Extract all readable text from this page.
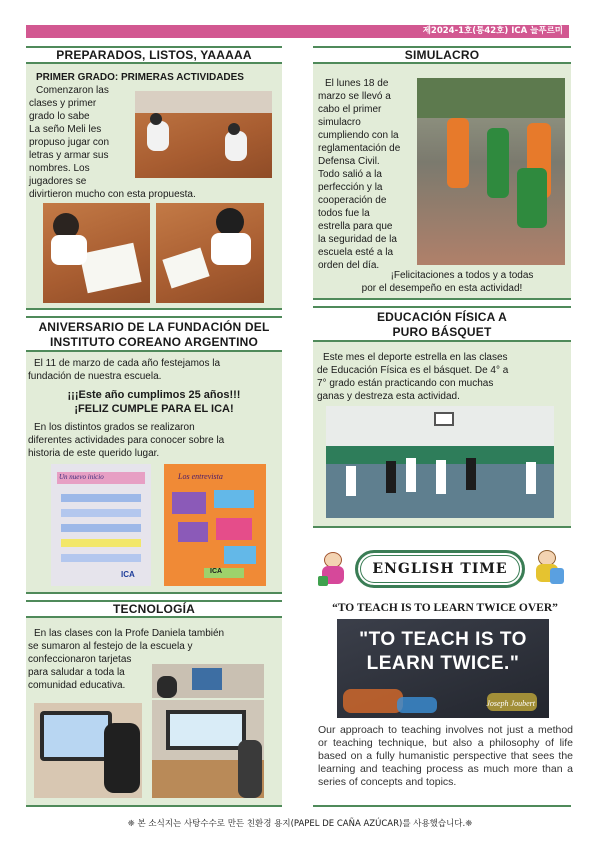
제2024-1호(통42호) ICA 늘푸르미
PREPARADOS, LISTOS, YAAAAA
PRIMER GRADO: PRIMERAS ACTIVIDADES
Comenzaron las
clases y primer
grado lo sabe
La seño Meli les
propuso jugar con
letras y armar sus
nombres. Los
jugadores se
divirtieron mucho con esta propuesta.
SIMULACRO
El lunes 18 de
marzo se llevó a
cabo el primer
simulacro
cumpliendo con la
reglamentación de
Defensa Civil.
Todo salió a la
perfección y la
cooperación de
todos fue la
estrella para que
la seguridad de la
escuela esté a la
orden del día.
¡Felicitaciones a todos y a todas
por el desempeño en esta actividad!
ANIVERSARIO DE LA FUNDACIÓN DEL
INSTITUTO COREANO ARGENTINO
El 11 de marzo de cada año festejamos la
fundación de nuestra escuela.
¡¡¡Este año cumplimos 25 años!!!
¡FELIZ CUMPLE PARA EL ICA!
En los distintos grados se realizaron
diferentes actividades para conocer sobre la
historia de este querido lugar.
Un nuevo inicio
ICA
Los entrevista
ICA
EDUCACIÓN FÍSICA A
PURO BÁSQUET
Este mes el deporte estrella en las clases
de Educación Física es el básquet. De 4° a
7° grado están practicando con muchas
ganas y destreza esta actividad.
TECNOLOGÍA
En las clases con la Profe Daniela también
se sumaron al festejo de la escuela y
confeccionaron tarjetas
para saludar a toda la
comunidad educativa.
ENGLISH TIME
“TO TEACH IS TO LEARN TWICE OVER”
"TO TEACH IS TO
LEARN TWICE."
Joseph Joubert
Our approach to teaching involves not just a method or teaching technique, but also a philosophy of life based on a fully humanistic perspective that sees the learning and teaching process as much more than a series of concepts and topics.
❈ 본 소식지는 사탕수수로 만든 친환경 용지(PAPEL DE CAÑA AZÚCAR)를 사용했습니다.❈
